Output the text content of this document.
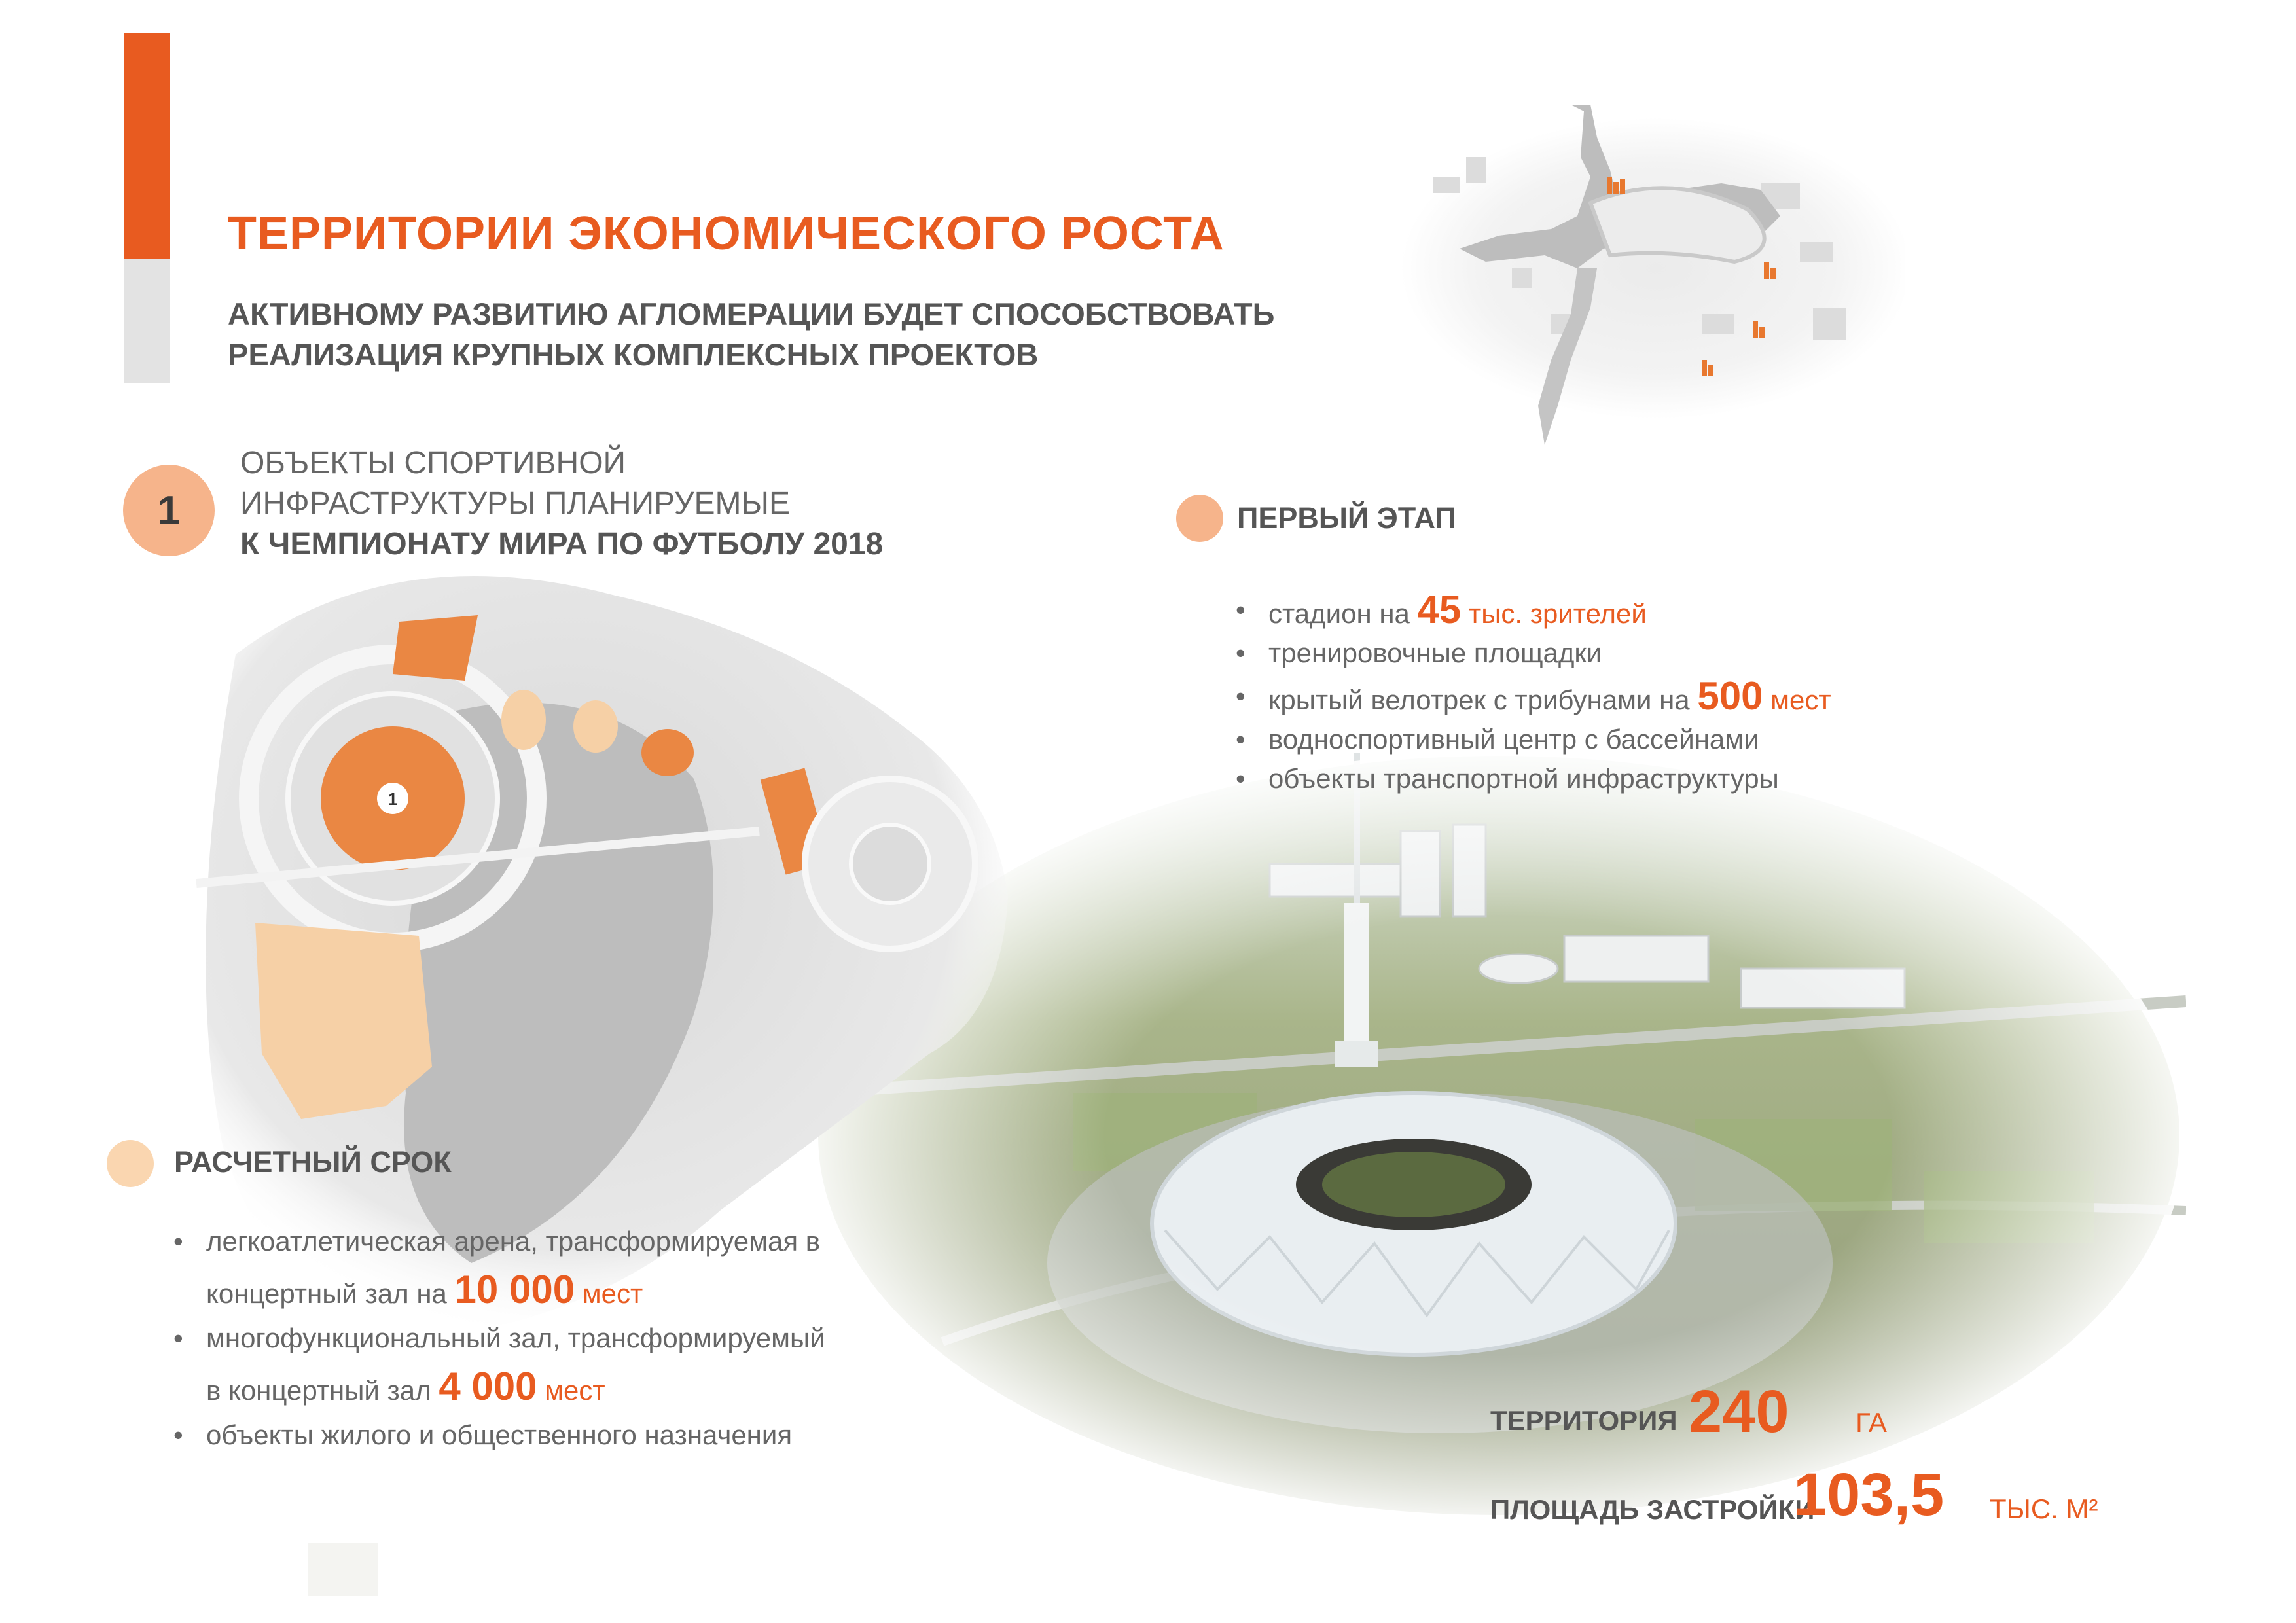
1
ТЕРРИТОРИИ ЭКОНОМИЧЕСКОГО РОСТА
АКТИВНОМУ РАЗВИТИЮ АГЛОМЕРАЦИИ БУДЕТ СПОСОБСТВОВАТЬ
РЕАЛИЗАЦИЯ КРУПНЫХ КОМПЛЕКСНЫХ ПРОЕКТОВ
1
ОБЪЕКТЫ СПОРТИВНОЙ
ИНФРАСТРУКТУРЫ ПЛАНИРУЕМЫЕ
К ЧЕМПИОНАТУ МИРА ПО ФУТБОЛУ 2018
ПЕРВЫЙ ЭТАП
• стадион на 45 тыс. зрителей
• тренировочные площадки
• крытый велотрек с трибунами на 500 мест
• водноспортивный центр с бассейнами
• объекты транспортной инфраструктуры
РАСЧЕТНЫЙ СРОК
• легкоатлетическая арена, трансформируемая в
концертный зал на 10 000 мест
• многофункциональный зал, трансформируемый
в концертный зал 4 000 мест
• объекты жилого и общественного назначения	ТЕРРИТОРИЯ 240 ГА
ПЛОЩАДЬ ЗАСТРОЙКИ
103,5 ТЫС. М²
